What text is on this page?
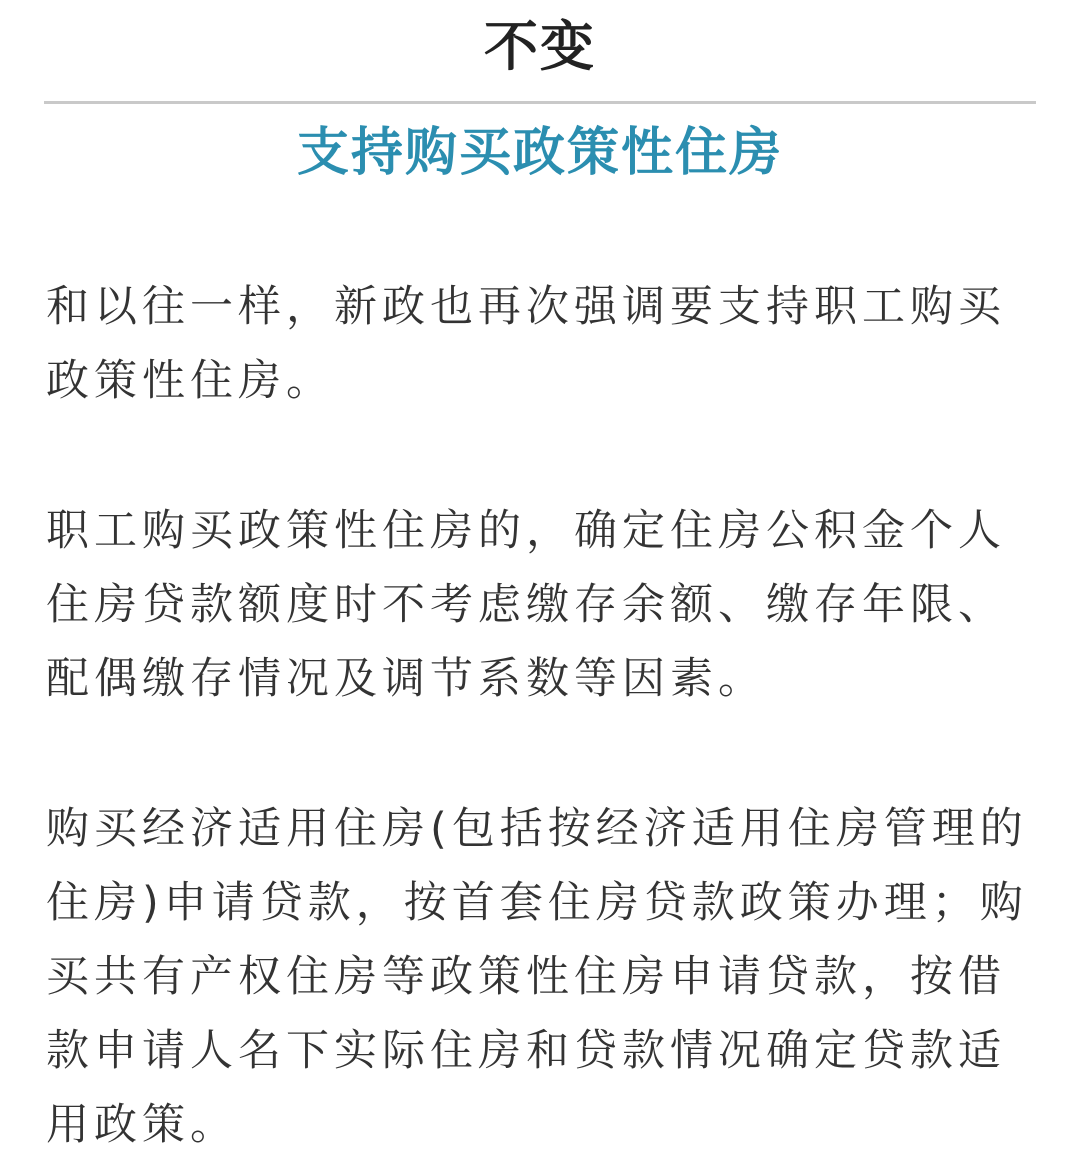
不变
支持购买政策性住房

和以往一样，新政也再次强调要支持职工购买政策性住房。

职工购买政策性住房的，确定住房公积金个人住房贷款额度时不考虑缴存余额、缴存年限、配偶缴存情况及调节系数等因素。

购买经济适用住房(包括按经济适用住房管理的住房)申请贷款，按首套住房贷款政策办理；购买共有产权住房等政策性住房申请贷款，按借款申请人名下实际住房和贷款情况确定贷款适用政策。
